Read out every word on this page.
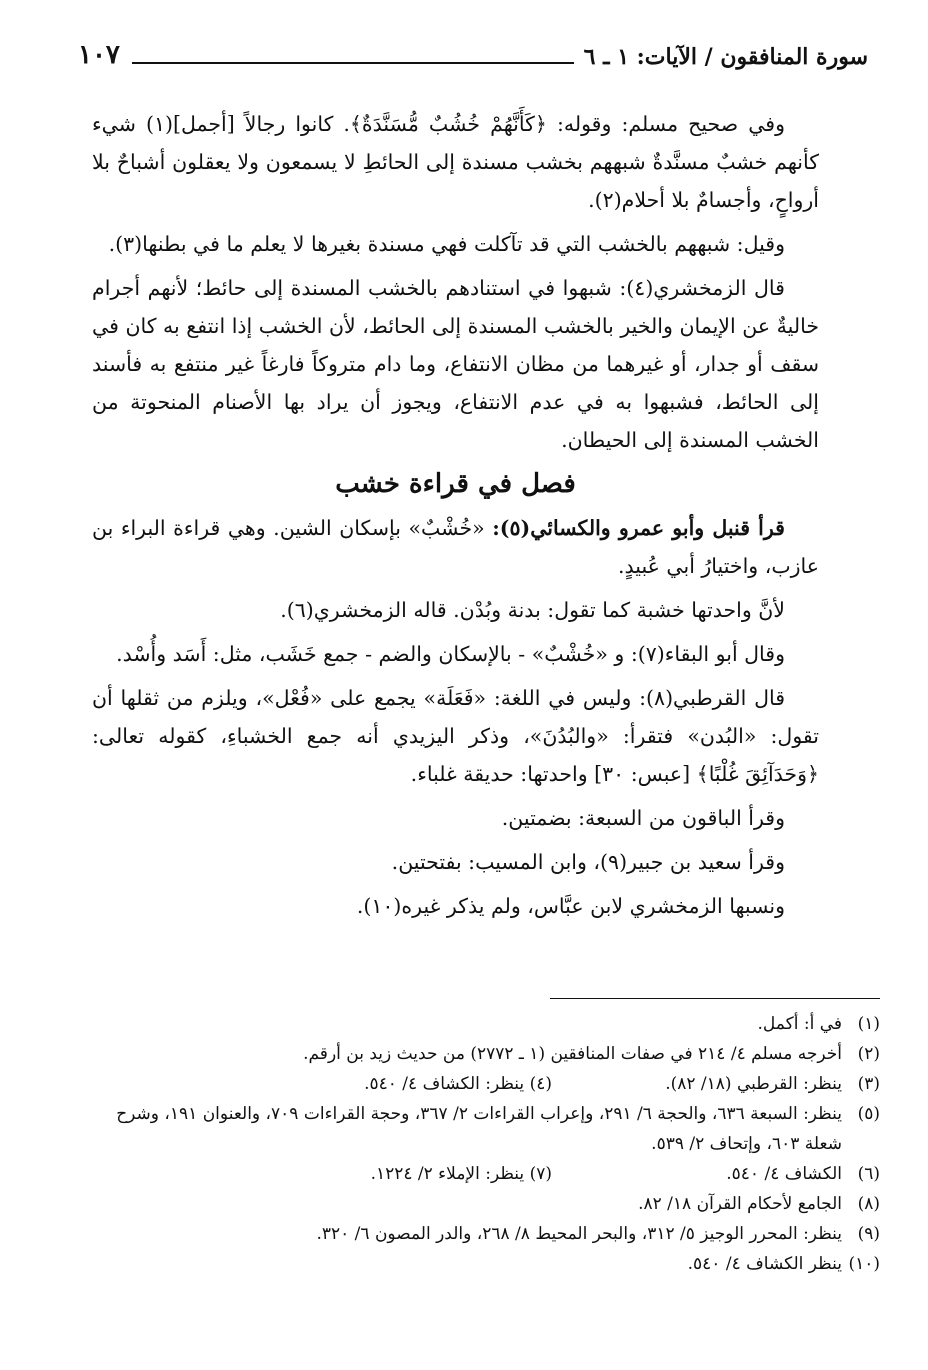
سورة المنافقون / الآيات: ١ ـ ٦
١٠٧

وفي صحيح مسلم: وقوله: ﴿كَأَنَّهُمْ خُشُبٌ مُّسَنَّدَةٌ﴾. كانوا رجالاً [أجمل](١) شيء كأنهم خشبٌ مسنَّدةٌ شبههم بخشب مسندة إلى الحائطِ لا يسمعون ولا يعقلون أشباحٌ بلا أرواحٍ، وأجسامٌ بلا أحلام(٢).

وقيل: شبههم بالخشب التي قد تآكلت فهي مسندة بغيرها لا يعلم ما في بطنها(٣).

قال الزمخشري(٤): شبهوا في استنادهم بالخشب المسندة إلى حائط؛ لأنهم أجرام خاليةٌ عن الإيمان والخير بالخشب المسندة إلى الحائط، لأن الخشب إذا انتفع به كان في سقف أو جدار، أو غيرهما من مظان الانتفاع، وما دام متروكاً فارغاً غير منتفع به فأسند إلى الحائط، فشبهوا به في عدم الانتفاع، ويجوز أن يراد بها الأصنام المنحوتة من الخشب المسندة إلى الحيطان.

فصل في قراءة خشب

قرأ قنبل وأبو عمرو والكسائي(٥): «خُشْبٌ» بإسكان الشين. وهي قراءة البراء بن عازب، واختيارُ أبي عُبيدٍ.

لأنَّ واحدتها خشبة كما تقول: بدنة وبُدْن. قاله الزمخشري(٦).

وقال أبو البقاء(٧): و «خُشْبٌ» - بالإسكان والضم - جمع خَشَب، مثل: أَسَد وأُسْد.

قال القرطبي(٨): وليس في اللغة: «فَعَلَة» يجمع على «فُعْل»، ويلزم من ثقلها أن تقول: «البُدن» فتقرأ: «والبُدُنَ»، وذكر اليزيدي أنه جمع الخشباءِ، كقوله تعالى: ﴿وَحَدَآئِقَ غُلْبًا﴾ [عبس: ٣٠] واحدتها: حديقة غلباء.

وقرأ الباقون من السبعة: بضمتين.

وقرأ سعيد بن جبير(٩)، وابن المسيب: بفتحتين.

ونسبها الزمخشري لابن عبَّاس، ولم يذكر غيره(١٠).

(١)
في أ: أكمل.
(٢)
أخرجه مسلم ٤/ ٢١٤ في صفات المنافقين (١ ـ ٢٧٧٢) من حديث زيد بن أرقم.
(٣)
ينظر: القرطبي (١٨/ ٨٢).
(٤)

ينظر: الكشاف ٤/ ٥٤٠.
(٥)
ينظر: السبعة ٦٣٦، والحجة ٦/ ٢٩١، وإعراب القراءات ٢/ ٣٦٧، وحجة القراءات ٧٠٩، والعنوان ١٩١، وشرح شعلة ٦٠٣، وإتحاف ٢/ ٥٣٩.
(٦)
الكشاف ٤/ ٥٤٠.
(٧)

ينظر: الإملاء ٢/ ١٢٢٤.
(٨)
الجامع لأحكام القرآن ١٨/ ٨٢.
(٩)
ينظر: المحرر الوجيز ٥/ ٣١٢، والبحر المحيط ٨/ ٢٦٨، والدر المصون ٦/ ٣٢٠.
(١٠)
ينظر الكشاف ٤/ ٥٤٠.
